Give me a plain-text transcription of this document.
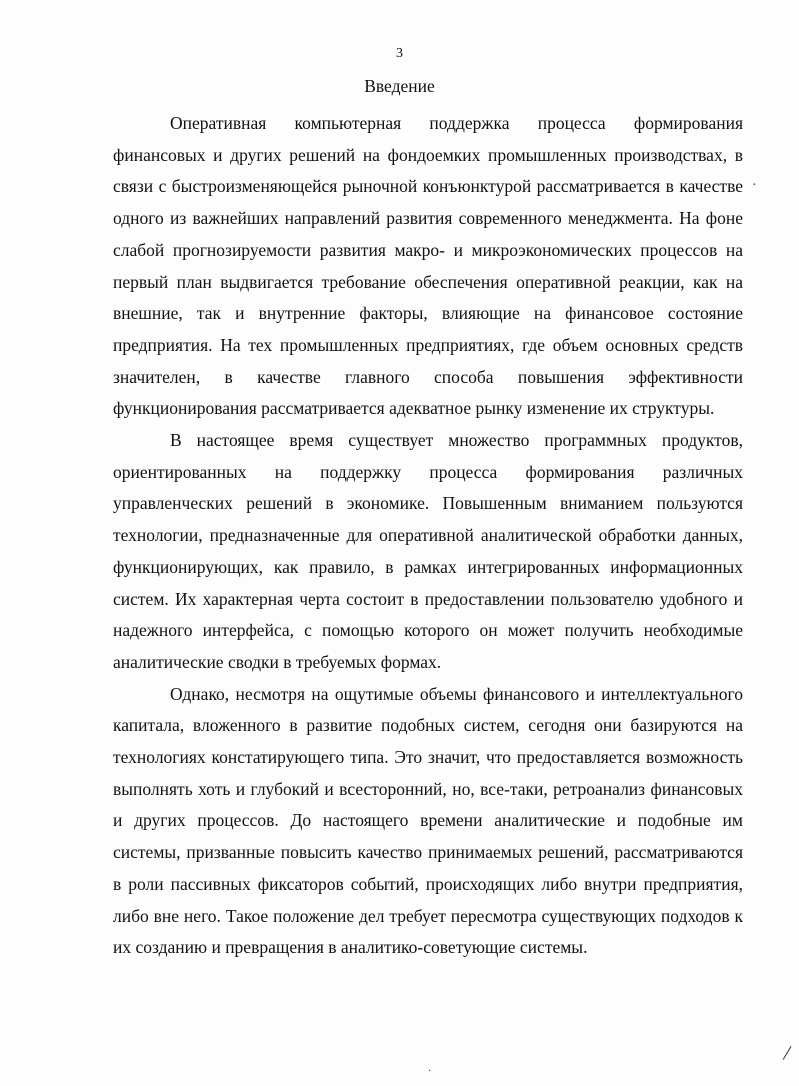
3
Введение

Оперативная компьютерная поддержка процесса формирования финансовых и других решений на фондоемких промышленных производствах, в связи с быстроизменяющейся рыночной конъюнктурой рассматривается в качестве одного из важнейших направлений развития современного менеджмента. На фоне слабой прогнозируемости развития макро- и микроэкономических процессов на первый план выдвигается требование обеспечения оперативной реакции, как на внешние, так и внутренние факторы, влияющие на финансовое состояние предприятия. На тех промышленных предприятиях, где объем основных средств значителен, в качестве главного способа повышения эффективности функционирования рассматривается адекватное рынку изменение их структуры.

В настоящее время существует множество программных продуктов, ориентированных на поддержку процесса формирования различных управленческих решений в экономике. Повышенным вниманием пользуются технологии, предназначенные для оперативной аналитической обработки данных, функционирующих, как правило, в рамках интегрированных информационных систем. Их характерная черта состоит в предоставлении пользователю удобного и надежного интерфейса, с помощью которого он может получить необходимые аналитические сводки в требуемых формах.

Однако, несмотря на ощутимые объемы финансового и интеллектуального капитала, вложенного в развитие подобных систем, сегодня они базируются на технологиях констатирующего типа. Это значит, что предоставляется возможность выполнять хоть и глубокий и всесторонний, но, все-таки, ретроанализ финансовых и других процессов. До настоящего времени аналитические и подобные им системы, призванные повысить качество принимаемых решений, рассматриваются в роли пассивных фиксаторов событий, происходящих либо внутри предприятия, либо вне него. Такое положение дел требует пересмотра существующих подходов к их созданию и превращения в аналитико-советующие системы.

·
/
·
